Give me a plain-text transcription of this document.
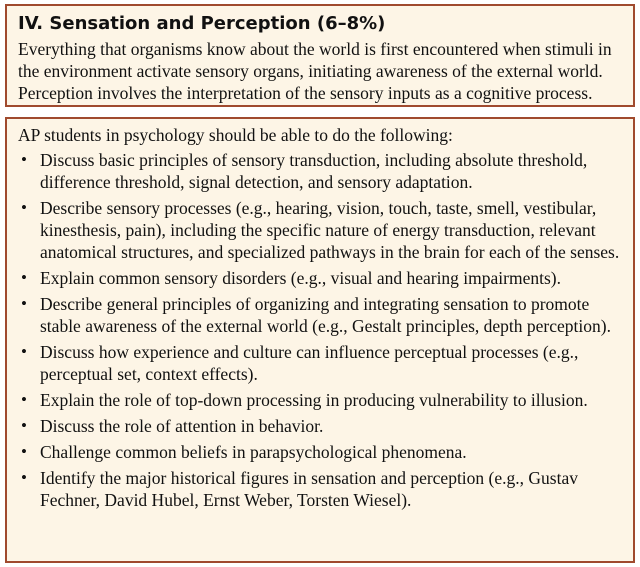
IV. Sensation and Perception (6–8%)

Everything that organisms know about the world is first encountered when stimuli in the environment activate sensory organs, initiating awareness of the external world. Perception involves the interpretation of the sensory inputs as a cognitive process.

AP students in psychology should be able to do the following:

• Discuss basic principles of sensory transduction, including absolute threshold, difference threshold, signal detection, and sensory adaptation.
• Describe sensory processes (e.g., hearing, vision, touch, taste, smell, vestibular, kinesthesis, pain), including the specific nature of energy transduction, relevant anatomical structures, and specialized pathways in the brain for each of the senses.
• Explain common sensory disorders (e.g., visual and hearing impairments).
• Describe general principles of organizing and integrating sensation to promote stable awareness of the external world (e.g., Gestalt principles, depth perception).
• Discuss how experience and culture can influence perceptual processes (e.g., perceptual set, context effects).
• Explain the role of top-down processing in producing vulnerability to illusion.
• Discuss the role of attention in behavior.
• Challenge common beliefs in parapsychological phenomena.
• Identify the major historical figures in sensation and perception (e.g., Gustav Fechner, David Hubel, Ernst Weber, Torsten Wiesel).
